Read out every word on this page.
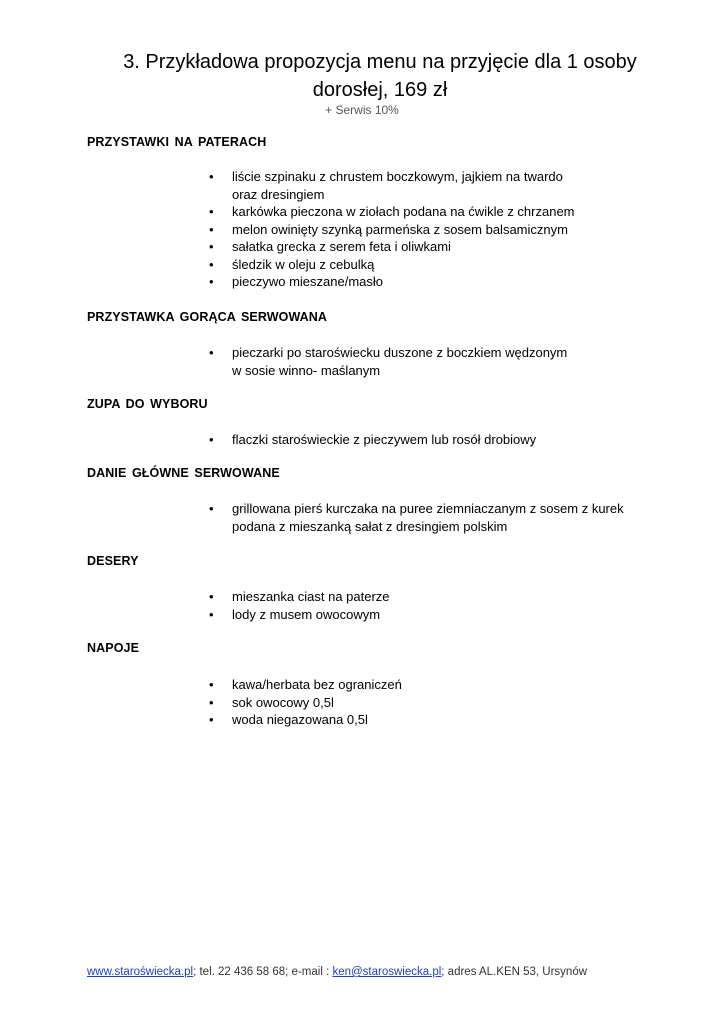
3. Przykładowa propozycja menu na przyjęcie dla 1 osoby
dorosłej, 169 zł
+ Serwis 10%
PRZYSTAWKI NA PATERACH
• liście szpinaku z chrustem boczkowym, jajkiem na twardo
oraz dresingiem
• karkówka pieczona w ziołach podana na ćwikle z chrzanem
• melon owinięty szynką parmeńska z sosem balsamicznym
• sałatka grecka z serem feta i oliwkami
• śledzik w oleju z cebulką
• pieczywo mieszane/masło
PRZYSTAWKA GORĄCA SERWOWANA
• pieczarki po staroświecku duszone z boczkiem wędzonym
w sosie winno- maślanym
ZUPA DO WYBORU
• flaczki staroświeckie z pieczywem lub rosół drobiowy
DANIE GŁÓWNE SERWOWANE
• grillowana pierś kurczaka na puree ziemniaczanym z sosem z kurek
podana z mieszanką sałat z dresingiem polskim
DESERY
• mieszanka ciast na paterze
• lody z musem owocowym
NAPOJE
• kawa/herbata bez ograniczeń
• sok owocowy 0,5l
• woda niegazowana 0,5l
www.staroświecka.pl; tel. 22 436 58 68; e-mail : ken@staroswiecka.pl; adres AL.KEN 53, Ursynów
